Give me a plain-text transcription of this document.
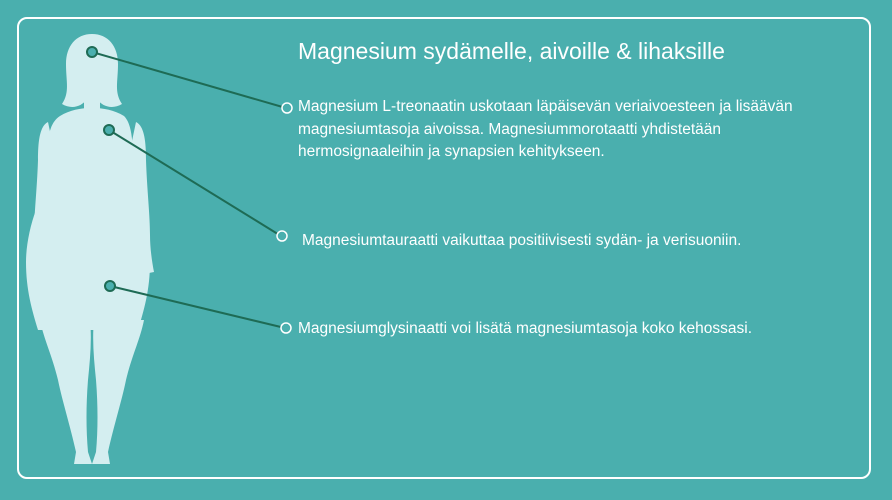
Magnesium sydämelle, aivoille & lihaksille
Magnesium L-treonaatin uskotaan läpäisevän veriaivoesteen ja lisäävän magnesiumtasoja aivoissa. Magnesiummorotaatti yhdistetään hermosignaaleihin ja synapsien kehitykseen.
Magnesiumtauraatti vaikuttaa positiivisesti sydän- ja verisuoniin.
Magnesiumglysinaatti voi lisätä magnesiumtasoja koko kehossasi.
